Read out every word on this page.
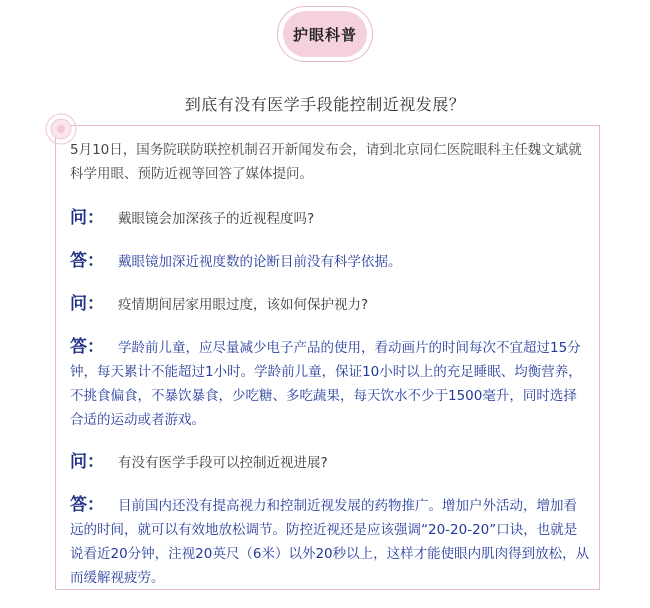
护眼科普
到底有没有医学手段能控制近视发展？

5月10日，国务院联防联控机制召开新闻发布会，请到北京同仁医院眼科主任魏文斌就科学用眼、预防近视等回答了媒体提问。

问： 戴眼镜会加深孩子的近视程度吗?
答： 戴眼镜加深近视度数的论断目前没有科学依据。
问： 疫情期间居家用眼过度，该如何保护视力?
答： 学龄前儿童，应尽量减少电子产品的使用，看动画片的时间每次不宜超过15分钟，每天累计不能超过1小时。学龄前儿童，保证10小时以上的充足睡眠、均衡营养，不挑食偏食，不暴饮暴食，少吃糖、多吃蔬果，每天饮水不少于1500毫升，同时选择合适的运动或者游戏。
问： 有没有医学手段可以控制近视进展?
答： 目前国内还没有提高视力和控制近视发展的药物推广。增加户外活动，增加看远的时间，就可以有效地放松调节。防控近视还是应该强调“20-20-20”口诀，也就是说看近20分钟，注视20英尺（6米）以外20秒以上，这样才能使眼内肌肉得到放松，从而缓解视疲劳。
